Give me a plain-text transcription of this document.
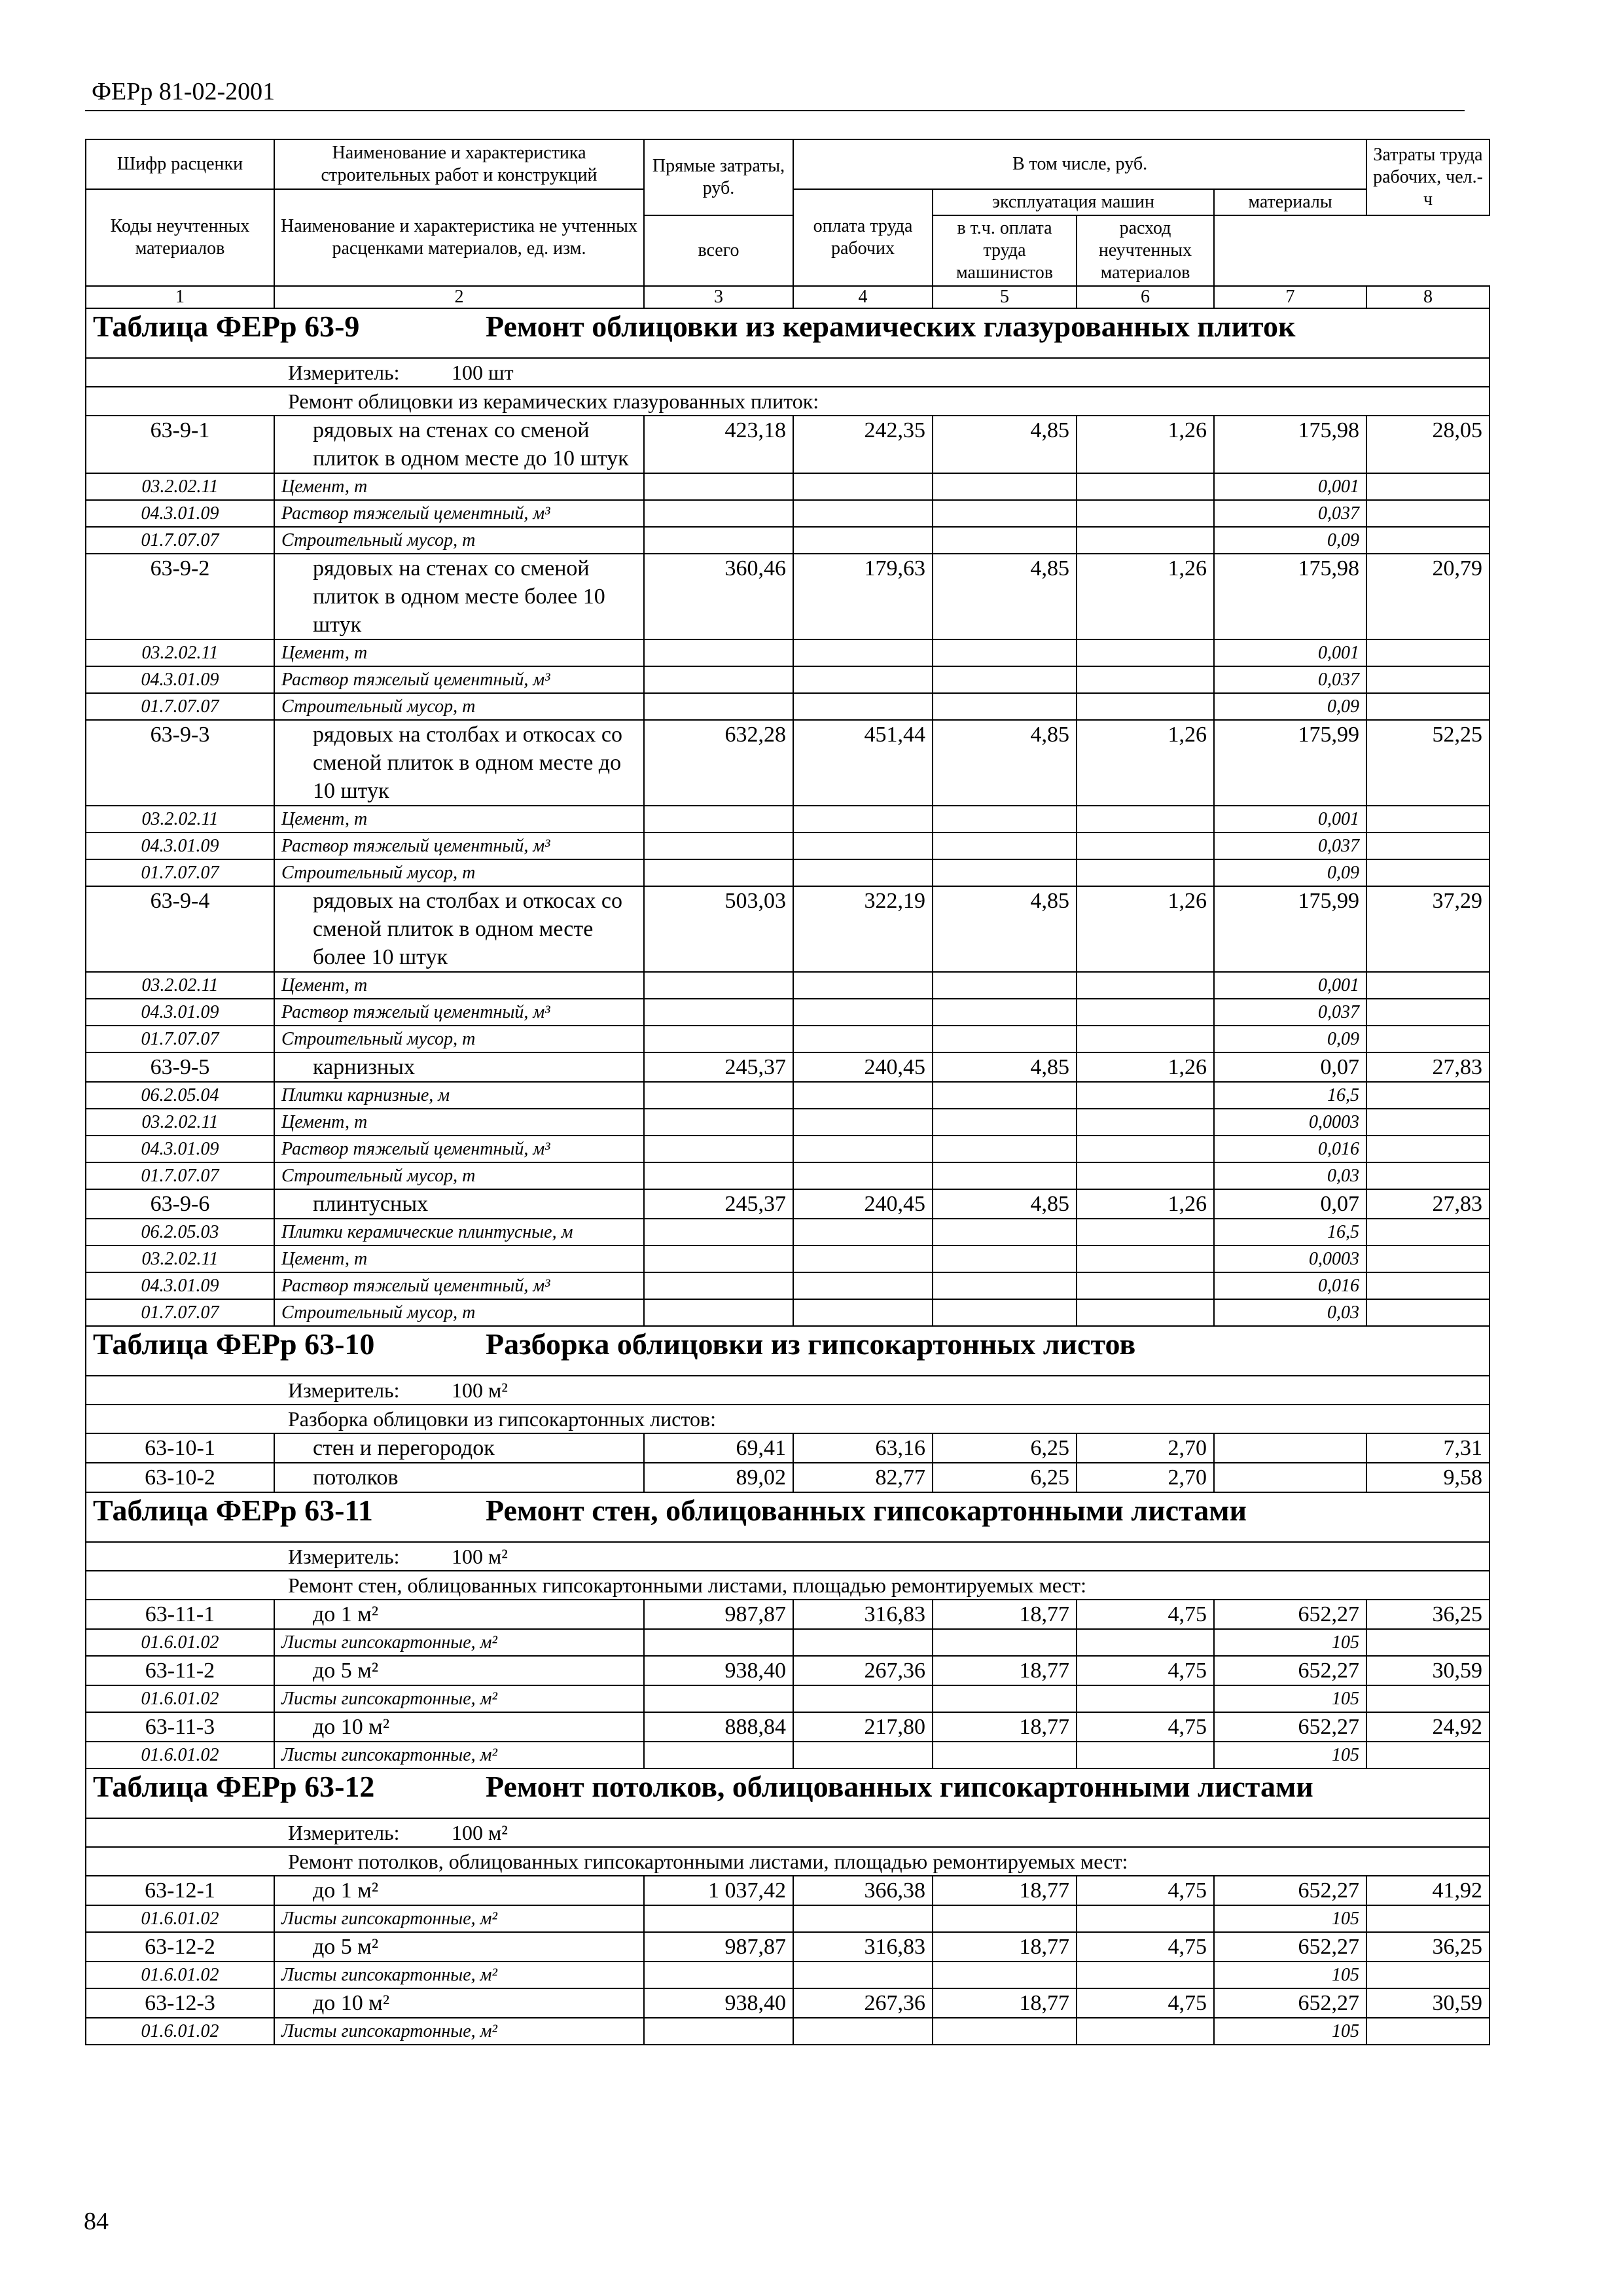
ФЕРр 81-02-2001
Шифр расценки	Наименование и характеристика строительных работ и конструкций	Прямые затраты, руб.	В том числе, руб.				Затраты труда рабочих, чел.-ч
Коды неучтенных материалов	Наименование и характеристика не учтенных расценками материалов, ед. изм.		оплата труда рабочих	эксплуатация машин		материалы	
		всего		в т.ч. оплата труда машинистов	расход неучтенных материалов	
1	2	3	4	5	6	7	8

Таблица ФЕРр 63-9 Ремонт облицовки из керамических глазурованных плиток							

Измеритель: 100 шт							

Ремонт облицовки из керамических глазурованных плиток:							

63-9-1	рядовых на стенах со сменой плиток в одном месте до 10 штук	423,18	242,35	4,85	1,26	175,98	28,05
03.2.02.11	Цемент, т					0,001	
04.3.01.09	Раствор тяжелый цементный, м³					0,037	
01.7.07.07	Строительный мусор, т					0,09	
63-9-2	рядовых на стенах со сменой плиток в одном месте более 10 штук	360,46	179,63	4,85	1,26	175,98	20,79
03.2.02.11	Цемент, т					0,001	
04.3.01.09	Раствор тяжелый цементный, м³					0,037	
01.7.07.07	Строительный мусор, т					0,09	
63-9-3	рядовых на столбах и откосах со сменой плиток в одном месте до 10 штук	632,28	451,44	4,85	1,26	175,99	52,25
03.2.02.11	Цемент, т					0,001	
04.3.01.09	Раствор тяжелый цементный, м³					0,037	
01.7.07.07	Строительный мусор, т					0,09	
63-9-4	рядовых на столбах и откосах со сменой плиток в одном месте более 10 штук	503,03	322,19	4,85	1,26	175,99	37,29
03.2.02.11	Цемент, т					0,001	
04.3.01.09	Раствор тяжелый цементный, м³					0,037	
01.7.07.07	Строительный мусор, т					0,09	
63-9-5	карнизных	245,37	240,45	4,85	1,26	0,07	27,83
06.2.05.04	Плитки карнизные, м					16,5	
03.2.02.11	Цемент, т					0,0003	
04.3.01.09	Раствор тяжелый цементный, м³					0,016	
01.7.07.07	Строительный мусор, т					0,03	
63-9-6	плинтусных	245,37	240,45	4,85	1,26	0,07	27,83
06.2.05.03	Плитки керамические плинтусные, м					16,5	
03.2.02.11	Цемент, т					0,0003	
04.3.01.09	Раствор тяжелый цементный, м³					0,016	
01.7.07.07	Строительный мусор, т					0,03	

Таблица ФЕРр 63-10 Разборка облицовки из гипсокартонных листов							

Измеритель: 100 м²							

Разборка облицовки из гипсокартонных листов:							

63-10-1	стен и перегородок	69,41	63,16	6,25	2,70		7,31
63-10-2	потолков	89,02	82,77	6,25	2,70		9,58

Таблица ФЕРр 63-11 Ремонт стен, облицованных гипсокартонными листами							

Измеритель: 100 м²							

Ремонт стен, облицованных гипсокартонными листами, площадью ремонтируемых мест:							

63-11-1	до 1 м²	987,87	316,83	18,77	4,75	652,27	36,25
01.6.01.02	Листы гипсокартонные, м²					105	
63-11-2	до 5 м²	938,40	267,36	18,77	4,75	652,27	30,59
01.6.01.02	Листы гипсокартонные, м²					105	
63-11-3	до 10 м²	888,84	217,80	18,77	4,75	652,27	24,92
01.6.01.02	Листы гипсокартонные, м²					105	

Таблица ФЕРр 63-12 Ремонт потолков, облицованных гипсокартонными листами							

Измеритель: 100 м²							

Ремонт потолков, облицованных гипсокартонными листами, площадью ремонтируемых мест:							

63-12-1	до 1 м²	1 037,42	366,38	18,77	4,75	652,27	41,92
01.6.01.02	Листы гипсокартонные, м²					105	
63-12-2	до 5 м²	987,87	316,83	18,77	4,75	652,27	36,25
01.6.01.02	Листы гипсокартонные, м²					105	
63-12-3	до 10 м²	938,40	267,36	18,77	4,75	652,27	30,59
01.6.01.02	Листы гипсокартонные, м²					105	
84
